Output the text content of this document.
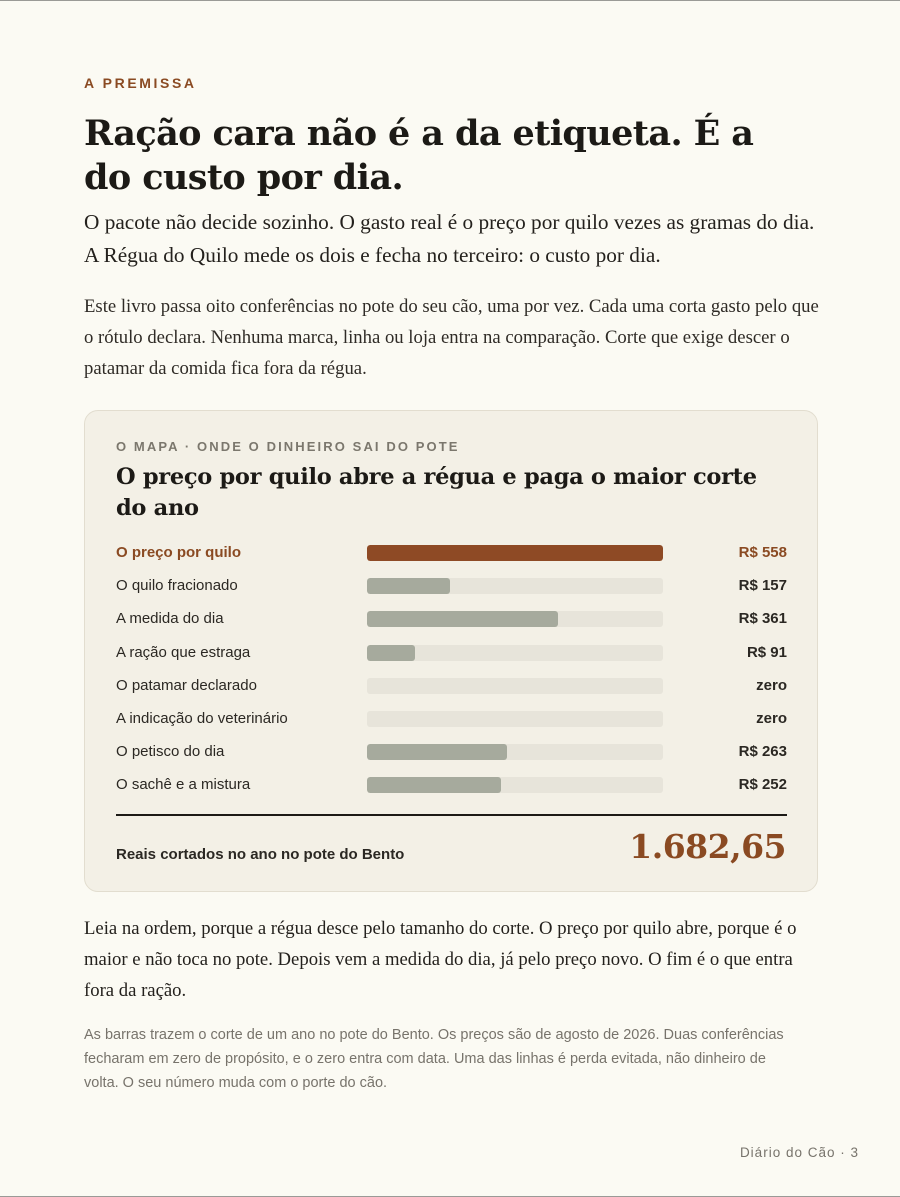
A PREMISSA
Ração cara não é a da etiqueta. É a do custo por dia.

O pacote não decide sozinho. O gasto real é o preço por quilo vezes as gramas do dia. A Régua do Quilo mede os dois e fecha no terceiro: o custo por dia.

Este livro passa oito conferências no pote do seu cão, uma por vez. Cada uma corta gasto pelo que o rótulo declara. Nenhuma marca, linha ou loja entra na comparação. Corte que exige descer o patamar da comida fica fora da régua.

O MAPA · ONDE O DINHEIRO SAI DO POTE
O preço por quilo abre a régua e paga o maior corte do ano
O preço por quilo	R$ 558
O quilo fracionado	R$ 157
A medida do dia	R$ 361
A ração que estraga	R$ 91
O patamar declarado	zero
A indicação do veterinário	zero
O petisco do dia	R$ 263
O sachê e a mistura	R$ 252
Reais cortados no ano no pote do Bento	1.682,65

Leia na ordem, porque a régua desce pelo tamanho do corte. O preço por quilo abre, porque é o maior e não toca no pote. Depois vem a medida do dia, já pelo preço novo. O fim é o que entra fora da ração.

As barras trazem o corte de um ano no pote do Bento. Os preços são de agosto de 2026. Duas conferências fecharam em zero de propósito, e o zero entra com data. Uma das linhas é perda evitada, não dinheiro de volta. O seu número muda com o porte do cão.

Diário do Cão · 3
